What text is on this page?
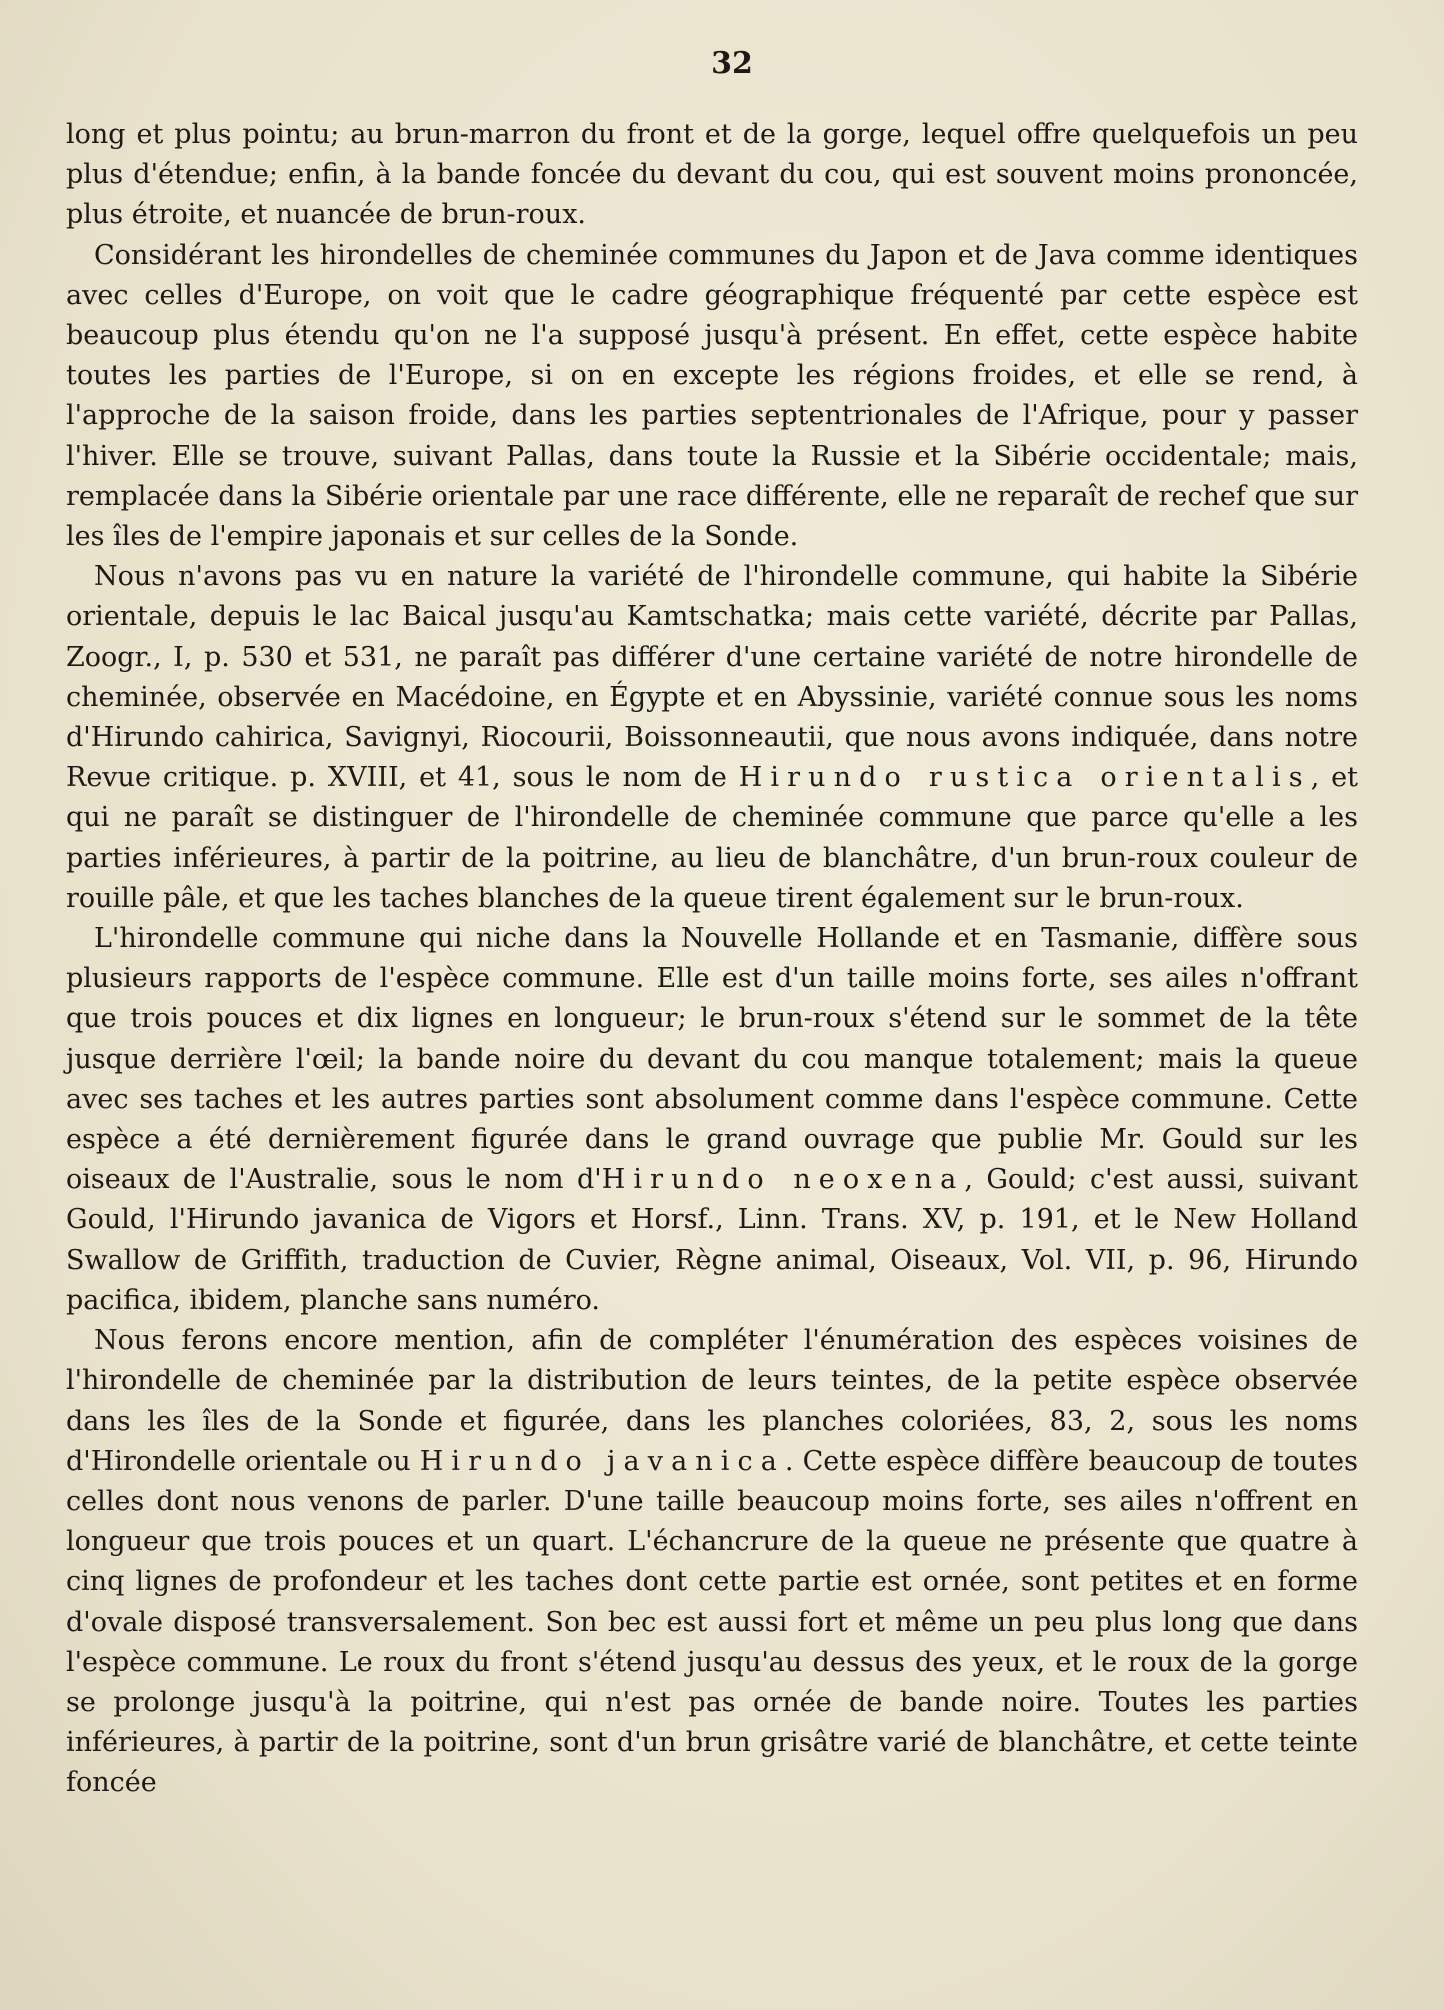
32

long et plus pointu; au brun-marron du front et de la gorge, lequel offre quelquefois un peu plus d'étendue; enfin, à la bande foncée du devant du cou, qui est souvent moins prononcée, plus étroite, et nuancée de brun-roux.

Considérant les hirondelles de cheminée communes du Japon et de Java comme identiques avec celles d'Europe, on voit que le cadre géographique fréquenté par cette espèce est beaucoup plus étendu qu'on ne l'a supposé jusqu'à présent. En effet, cette espèce habite toutes les parties de l'Europe, si on en excepte les régions froides, et elle se rend, à l'approche de la saison froide, dans les parties septentrionales de l'Afrique, pour y passer l'hiver. Elle se trouve, suivant Pallas, dans toute la Russie et la Sibérie occidentale; mais, remplacée dans la Sibérie orientale par une race différente, elle ne reparaît de rechef que sur les îles de l'empire japonais et sur celles de la Sonde.

Nous n'avons pas vu en nature la variété de l'hirondelle commune, qui habite la Sibérie orientale, depuis le lac Baical jusqu'au Kamtschatka; mais cette variété, décrite par Pallas, Zoogr., I, p. 530 et 531, ne paraît pas différer d'une certaine variété de notre hirondelle de cheminée, observée en Macédoine, en Égypte et en Abyssinie, variété connue sous les noms d'Hirundo cahirica, Savignyi, Riocourii, Boissonneautii, que nous avons indiquée, dans notre Revue critique. p. XVIII, et 41, sous le nom de Hirundo rustica orientalis, et qui ne paraît se distinguer de l'hirondelle de cheminée commune que parce qu'elle a les parties inférieures, à partir de la poitrine, au lieu de blanchâtre, d'un brun-roux couleur de rouille pâle, et que les taches blanches de la queue tirent également sur le brun-roux.

L'hirondelle commune qui niche dans la Nouvelle Hollande et en Tasmanie, diffère sous plusieurs rapports de l'espèce commune. Elle est d'un taille moins forte, ses ailes n'offrant que trois pouces et dix lignes en longueur; le brun-roux s'étend sur le sommet de la tête jusque derrière l'œil; la bande noire du devant du cou manque totalement; mais la queue avec ses taches et les autres parties sont absolument comme dans l'espèce commune. Cette espèce a été dernièrement figurée dans le grand ouvrage que publie Mr. Gould sur les oiseaux de l'Australie, sous le nom d'Hirundo neoxena, Gould; c'est aussi, suivant Gould, l'Hirundo javanica de Vigors et Horsf., Linn. Trans. XV, p. 191, et le New Holland Swallow de Griffith, traduction de Cuvier, Règne animal, Oiseaux, Vol. VII, p. 96, Hirundo pacifica, ibidem, planche sans numéro.

Nous ferons encore mention, afin de compléter l'énumération des espèces voisines de l'hirondelle de cheminée par la distribution de leurs teintes, de la petite espèce observée dans les îles de la Sonde et figurée, dans les planches coloriées, 83, 2, sous les noms d'Hirondelle orientale ou Hirundo javanica. Cette espèce diffère beaucoup de toutes celles dont nous venons de parler. D'une taille beaucoup moins forte, ses ailes n'offrent en longueur que trois pouces et un quart. L'échancrure de la queue ne présente que quatre à cinq lignes de profondeur et les taches dont cette partie est ornée, sont petites et en forme d'ovale disposé transversalement. Son bec est aussi fort et même un peu plus long que dans l'espèce commune. Le roux du front s'étend jusqu'au dessus des yeux, et le roux de la gorge se prolonge jusqu'à la poitrine, qui n'est pas ornée de bande noire. Toutes les parties inférieures, à partir de la poitrine, sont d'un brun grisâtre varié de blanchâtre, et cette teinte foncée
